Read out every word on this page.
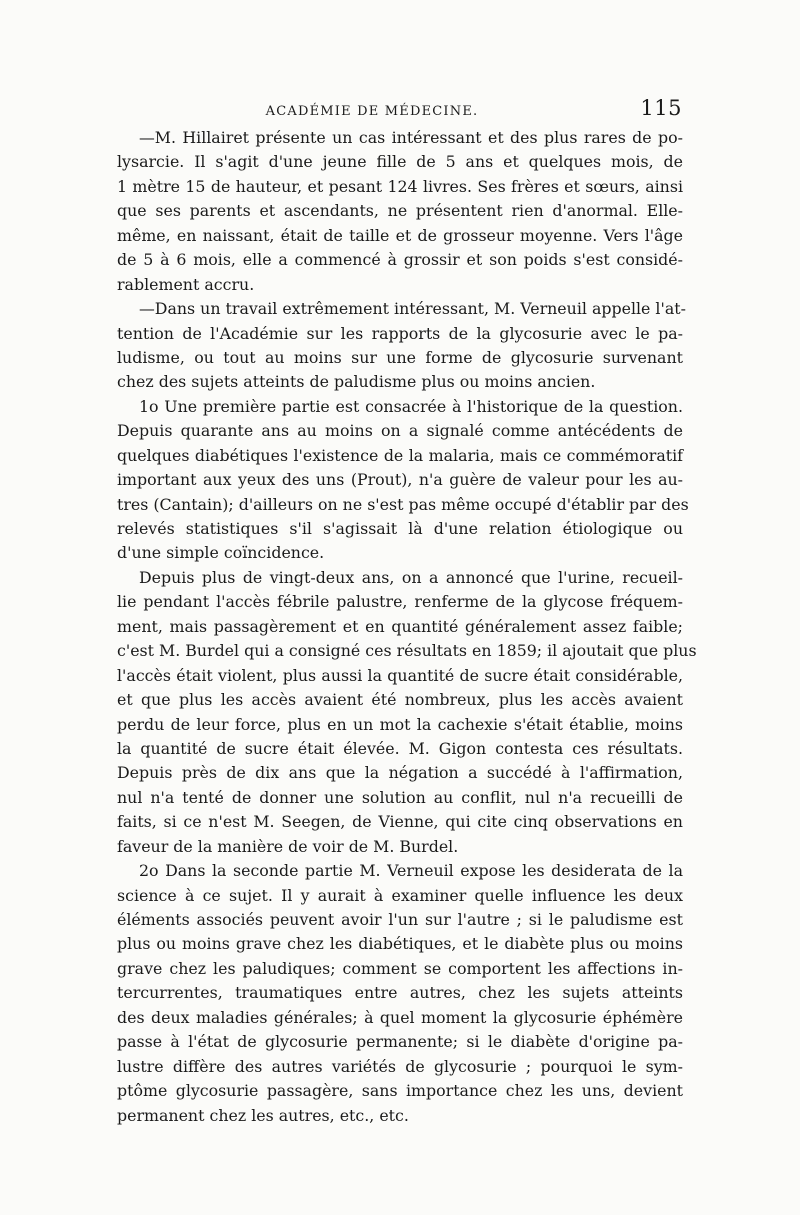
ACADÉMIE DE MÉDECINE.	115
—M. Hillairet présente un cas intéressant et des plus rares de po-
lysarcie. Il s'agit d'une jeune fille de 5 ans et quelques mois, de
1 mètre 15 de hauteur, et pesant 124 livres. Ses frères et sœurs, ainsi
que ses parents et ascendants, ne présentent rien d'anormal. Elle-
même, en naissant, était de taille et de grosseur moyenne. Vers l'âge
de 5 à 6 mois, elle a commencé à grossir et son poids s'est considé-
rablement accru.
—Dans un travail extrêmement intéressant, M. Verneuil appelle l'at-
tention de l'Académie sur les rapports de la glycosurie avec le pa-
ludisme, ou tout au moins sur une forme de glycosurie survenant
chez des sujets atteints de paludisme plus ou moins ancien.
1o Une première partie est consacrée à l'historique de la question.
Depuis quarante ans au moins on a signalé comme antécédents de
quelques diabétiques l'existence de la malaria, mais ce commémoratif
important aux yeux des uns (Prout), n'a guère de valeur pour les au-
tres (Cantain); d'ailleurs on ne s'est pas même occupé d'établir par des
relevés statistiques s'il s'agissait là d'une relation étiologique ou
d'une simple coïncidence.
Depuis plus de vingt-deux ans, on a annoncé que l'urine, recueil-
lie pendant l'accès fébrile palustre, renferme de la glycose fréquem-
ment, mais passagèrement et en quantité généralement assez faible;
c'est M. Burdel qui a consigné ces résultats en 1859; il ajoutait que plus
l'accès était violent, plus aussi la quantité de sucre était considérable,
et que plus les accès avaient été nombreux, plus les accès avaient
perdu de leur force, plus en un mot la cachexie s'était établie, moins
la quantité de sucre était élevée. M. Gigon contesta ces résultats.
Depuis près de dix ans que la négation a succédé à l'affirmation,
nul n'a tenté de donner une solution au conflit, nul n'a recueilli de
faits, si ce n'est M. Seegen, de Vienne, qui cite cinq observations en
faveur de la manière de voir de M. Burdel.
2o Dans la seconde partie M. Verneuil expose les desiderata de la
science à ce sujet. Il y aurait à examiner quelle influence les deux
éléments associés peuvent avoir l'un sur l'autre ; si le paludisme est
plus ou moins grave chez les diabétiques, et le diabète plus ou moins
grave chez les paludiques; comment se comportent les affections in-
tercurrentes, traumatiques entre autres, chez les sujets atteints
des deux maladies générales; à quel moment la glycosurie éphémère
passe à l'état de glycosurie permanente; si le diabète d'origine pa-
lustre diffère des autres variétés de glycosurie ; pourquoi le sym-
ptôme glycosurie passagère, sans importance chez les uns, devient
permanent chez les autres, etc., etc.
